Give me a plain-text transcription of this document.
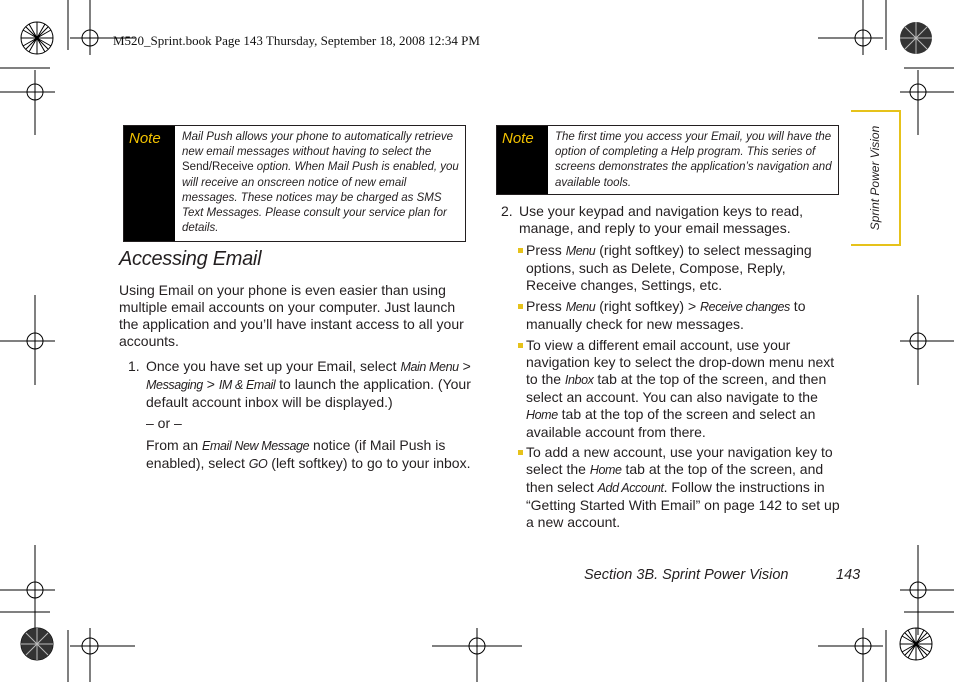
M520_Sprint.book Page 143 Thursday, September 18, 2008 12:34 PM
Sprint Power Vision
Note	Mail Push allows your phone to automatically retrieve new email messages without having to select the Send/Receive option. When Mail Push is enabled, you will receive an onscreen notice of new email messages. These notices may be charged as SMS Text Messages. Please consult your service plan for details.
Note	The first time you access your Email, you will have the option of completing a Help program. This series of screens demonstrates the application’s navigation and available tools.
Accessing Email
Using Email on your phone is even easier than using multiple email accounts on your computer. Just launch the application and you’ll have instant access to all your accounts.
1. Once you have set up your Email, select Main Menu > Messaging > IM & Email to launch the application. (Your default account inbox will be displayed.)
– or –
From an Email New Message notice (if Mail Push is enabled), select GO (left softkey) to go to your inbox.
2. Use your keypad and navigation keys to read, manage, and reply to your email messages.
Press Menu (right softkey) to select messaging options, such as Delete, Compose, Reply, Receive changes, Settings, etc.
Press Menu (right softkey) > Receive changes to manually check for new messages.
To view a different email account, use your navigation key to select the drop-down menu next to the Inbox tab at the top of the screen, and then select an account. You can also navigate to the Home tab at the top of the screen and select an available account from there.
To add a new account, use your navigation key to select the Home tab at the top of the screen, and then select Add Account. Follow the instructions in “Getting Started With Email” on page 142 to set up a new account.
Section 3B. Sprint Power Vision	143
